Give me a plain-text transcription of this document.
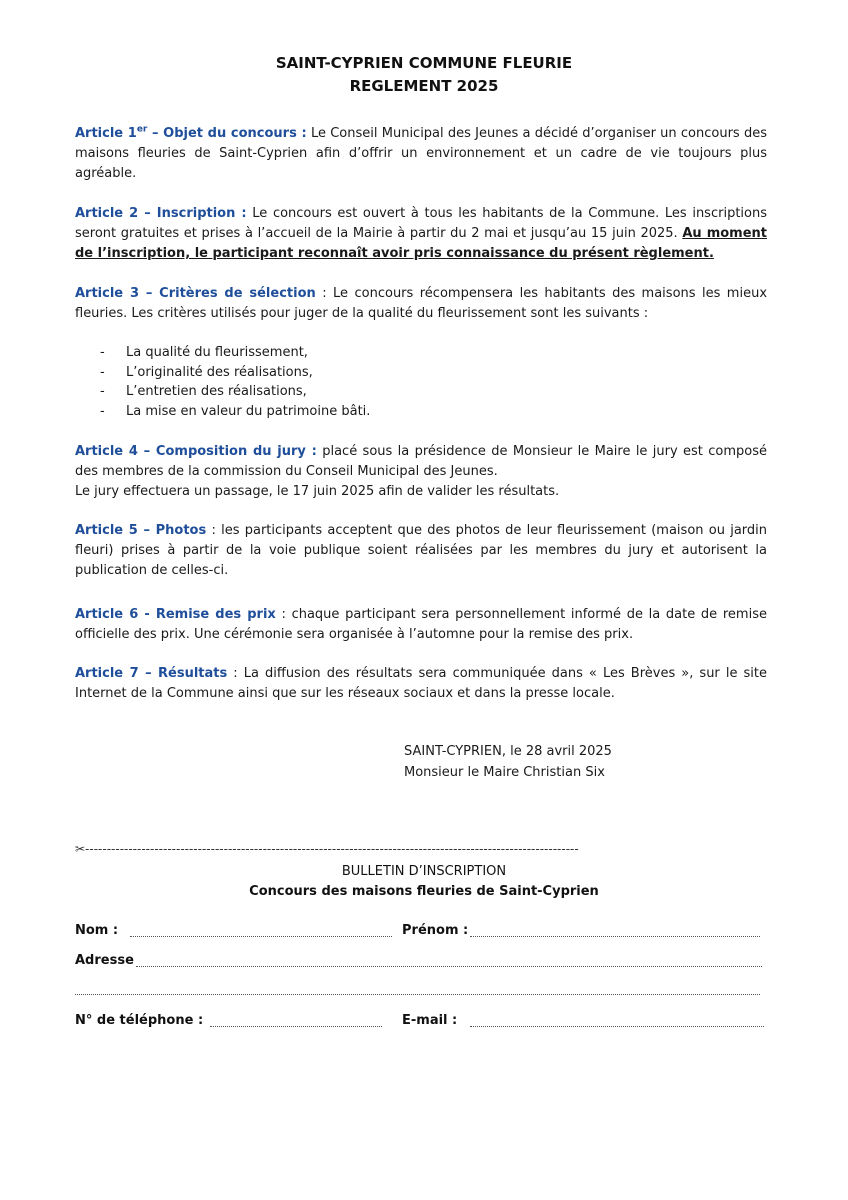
SAINT-CYPRIEN COMMUNE FLEURIE
REGLEMENT 2025
Article 1er – Objet du concours : Le Conseil Municipal des Jeunes a décidé d’organiser un concours des maisons fleuries de Saint-Cyprien afin d’offrir un environnement et un cadre de vie toujours plus agréable.
Article 2 – Inscription : Le concours est ouvert à tous les habitants de la Commune. Les inscriptions seront gratuites et prises à l’accueil de la Mairie à partir du 2 mai et jusqu’au 15 juin 2025. Au moment de l’inscription, le participant reconnaît avoir pris connaissance du présent règlement.
Article 3 – Critères de sélection : Le concours récompensera les habitants des maisons les mieux fleuries. Les critères utilisés pour juger de la qualité du fleurissement sont les suivants :
- La qualité du fleurissement,
- L’originalité des réalisations,
- L’entretien des réalisations,
- La mise en valeur du patrimoine bâti.
Article 4 – Composition du jury : placé sous la présidence de Monsieur le Maire le jury est composé des membres de la commission du Conseil Municipal des Jeunes.
Le jury effectuera un passage, le 17 juin 2025 afin de valider les résultats.
Article 5 – Photos : les participants acceptent que des photos de leur fleurissement (maison ou jardin fleuri) prises à partir de la voie publique soient réalisées par les membres du jury et autorisent la publication de celles-ci.
Article 6 - Remise des prix : chaque participant sera personnellement informé de la date de remise officielle des prix. Une cérémonie sera organisée à l’automne pour la remise des prix.
Article 7 – Résultats : La diffusion des résultats sera communiquée dans « Les Brèves », sur le site Internet de la Commune ainsi que sur les réseaux sociaux et dans la presse locale.
SAINT-CYPRIEN, le 28 avril 2025
Monsieur le Maire Christian Six
✂------------------------------------------------------------------------------------------------------------------
BULLETIN D’INSCRIPTION
Concours des maisons fleuries de Saint-Cyprien
Nom :	Prénom :
Adresse
N° de téléphone :	E-mail :
